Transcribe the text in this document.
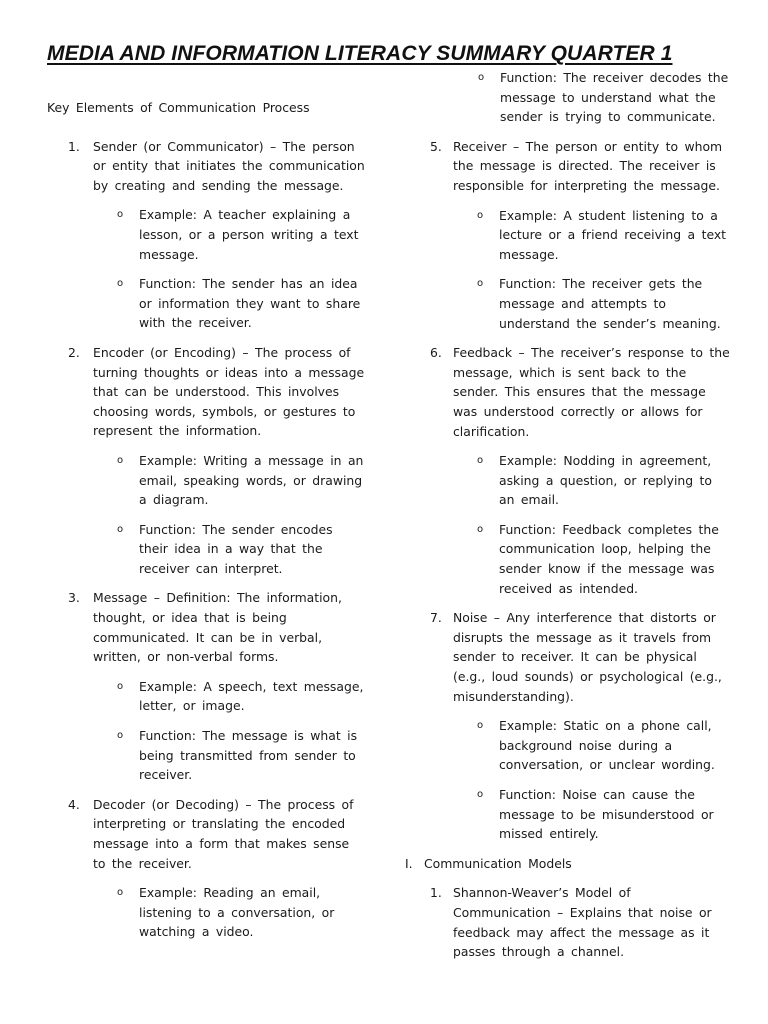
MEDIA AND INFORMATION LITERACY SUMMARY QUARTER 1

Key Elements of Communication Process

1. Sender (or Communicator) – The person or entity that initiates the communication by creating and sending the message.

o Example: A teacher explaining a lesson, or a person writing a text message.

o Function: The sender has an idea or information they want to share with the receiver.

2. Encoder (or Encoding) – The process of turning thoughts or ideas into a message that can be understood. This involves choosing words, symbols, or gestures to represent the information.

o Example: Writing a message in an email, speaking words, or drawing a diagram.

o Function: The sender encodes their idea in a way that the receiver can interpret.

3. Message – Definition: The information, thought, or idea that is being communicated. It can be in verbal, written, or non-verbal forms.

o Example: A speech, text message, letter, or image.

o Function: The message is what is being transmitted from sender to receiver.

4. Decoder (or Decoding) – The process of interpreting or translating the encoded message into a form that makes sense to the receiver.

o Example: Reading an email, listening to a conversation, or watching a video.

o Function: The receiver decodes the message to understand what the sender is trying to communicate.

5. Receiver – The person or entity to whom the message is directed. The receiver is responsible for interpreting the message.

o Example: A student listening to a lecture or a friend receiving a text message.

o Function: The receiver gets the message and attempts to understand the sender’s meaning.

6. Feedback – The receiver’s response to the message, which is sent back to the sender. This ensures that the message was understood correctly or allows for clarification.

o Example: Nodding in agreement, asking a question, or replying to an email.

o Function: Feedback completes the communication loop, helping the sender know if the message was received as intended.

7. Noise – Any interference that distorts or disrupts the message as it travels from sender to receiver. It can be physical (e.g., loud sounds) or psychological (e.g., misunderstanding).

o Example: Static on a phone call, background noise during a conversation, or unclear wording.

o Function: Noise can cause the message to be misunderstood or missed entirely.

I. Communication Models

1. Shannon-Weaver’s Model of Communication – Explains that noise or feedback may affect the message as it passes through a channel.
